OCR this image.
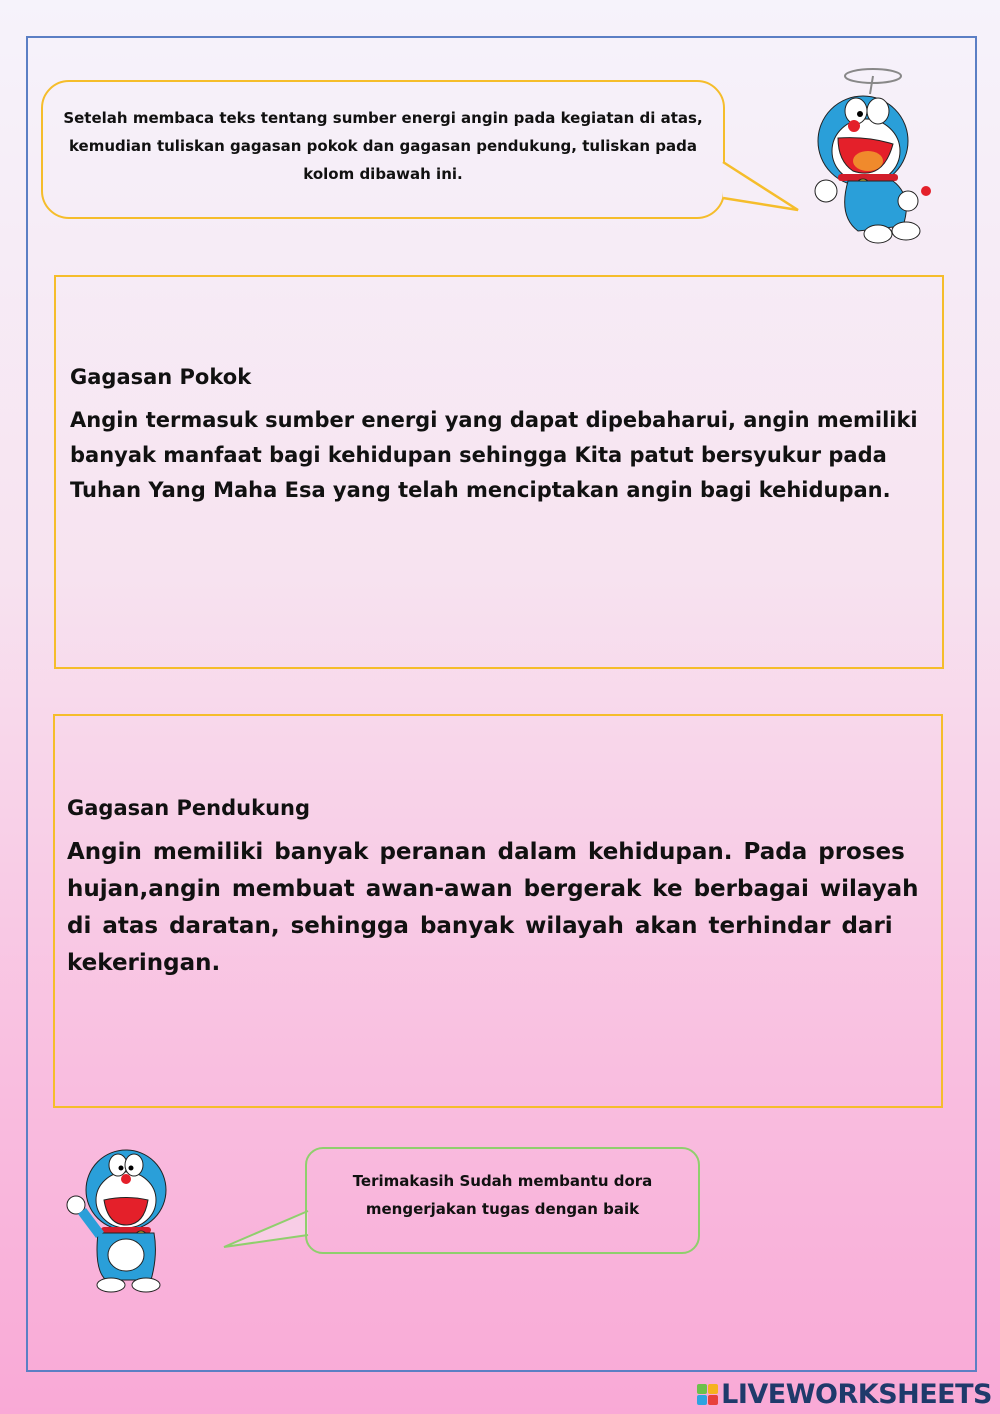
Setelah membaca teks tentang sumber energi angin pada kegiatan di atas, kemudian tuliskan gagasan pokok dan gagasan pendukung, tuliskan pada kolom dibawah ini.
Gagasan Pokok
Angin termasuk sumber energi yang dapat dipebaharui, angin memiliki banyak manfaat bagi kehidupan sehingga Kita patut bersyukur pada Tuhan Yang Maha Esa yang telah menciptakan angin bagi kehidupan.
Gagasan Pendukung
Angin memiliki banyak peranan dalam kehidupan. Pada proses hujan,angin membuat awan-awan bergerak ke berbagai wilayah di atas daratan, sehingga banyak wilayah akan terhindar dari kekeringan.
Terimakasih Sudah membantu dora mengerjakan tugas dengan baik
LIVEWORKSHEETS
